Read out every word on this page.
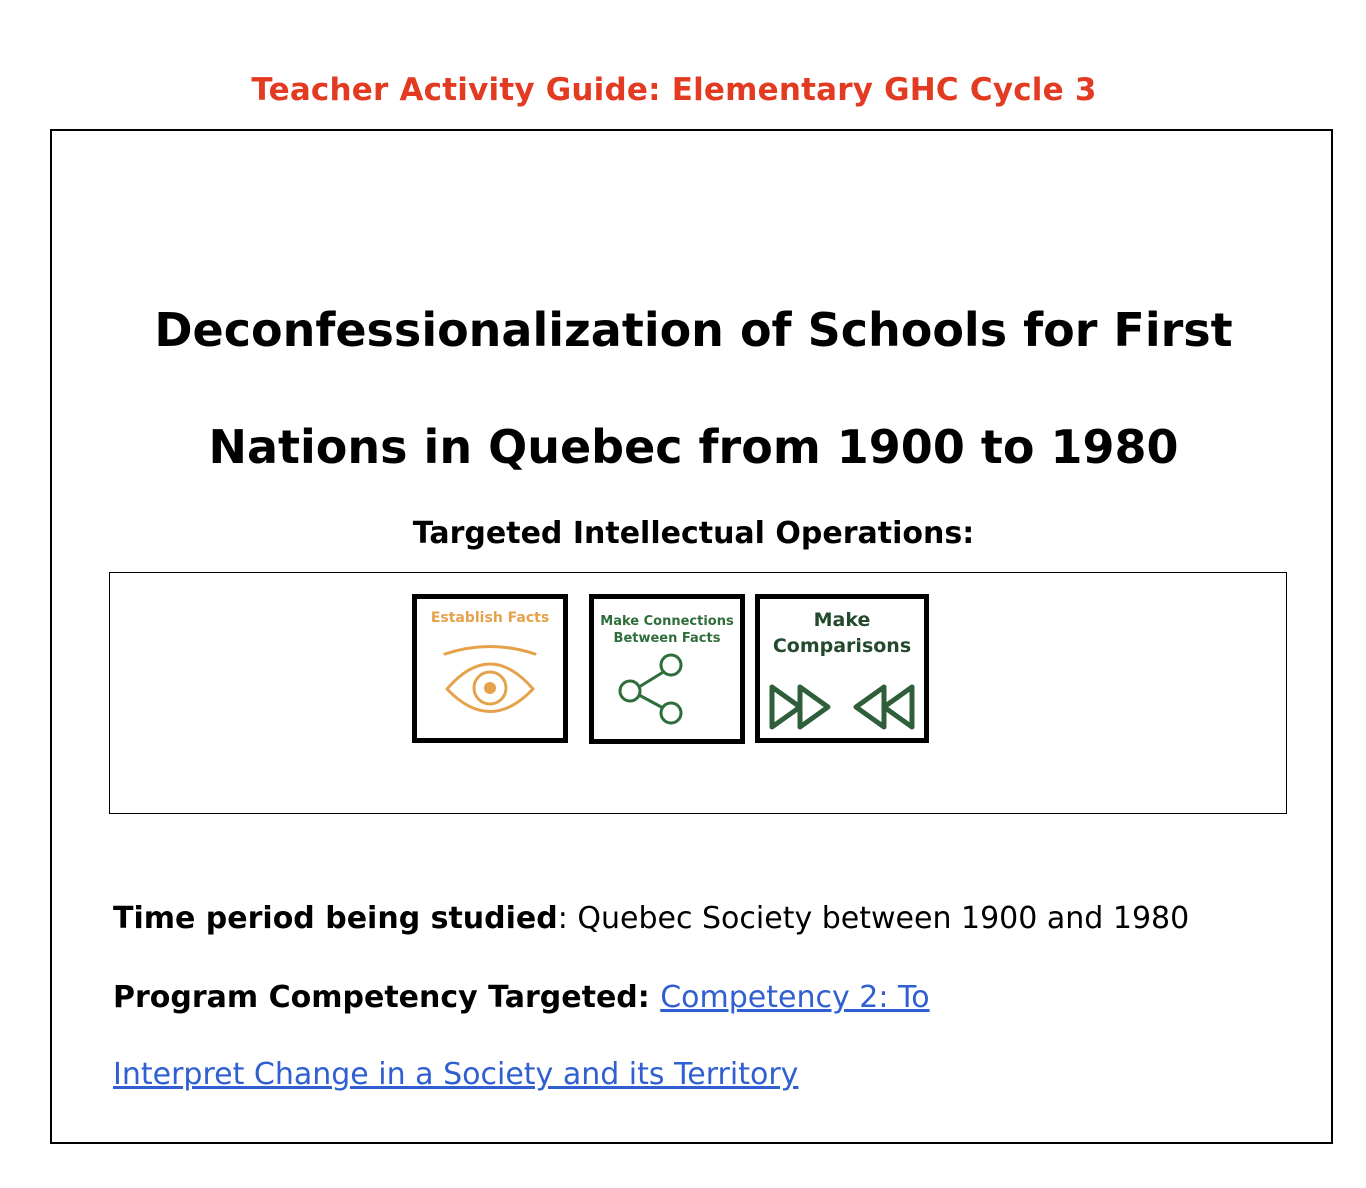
Teacher Activity Guide: Elementary GHC Cycle 3
Deconfessionalization of Schools for First
Nations in Quebec from 1900 to 1980
Targeted Intellectual Operations:
Establish Facts	Make Connections
Between Facts
Make
Comparisons
Time period being studied: Quebec Society between 1900 and 1980
Program Competency Targeted: Competency 2: To
Interpret Change in a Society and its Territory
